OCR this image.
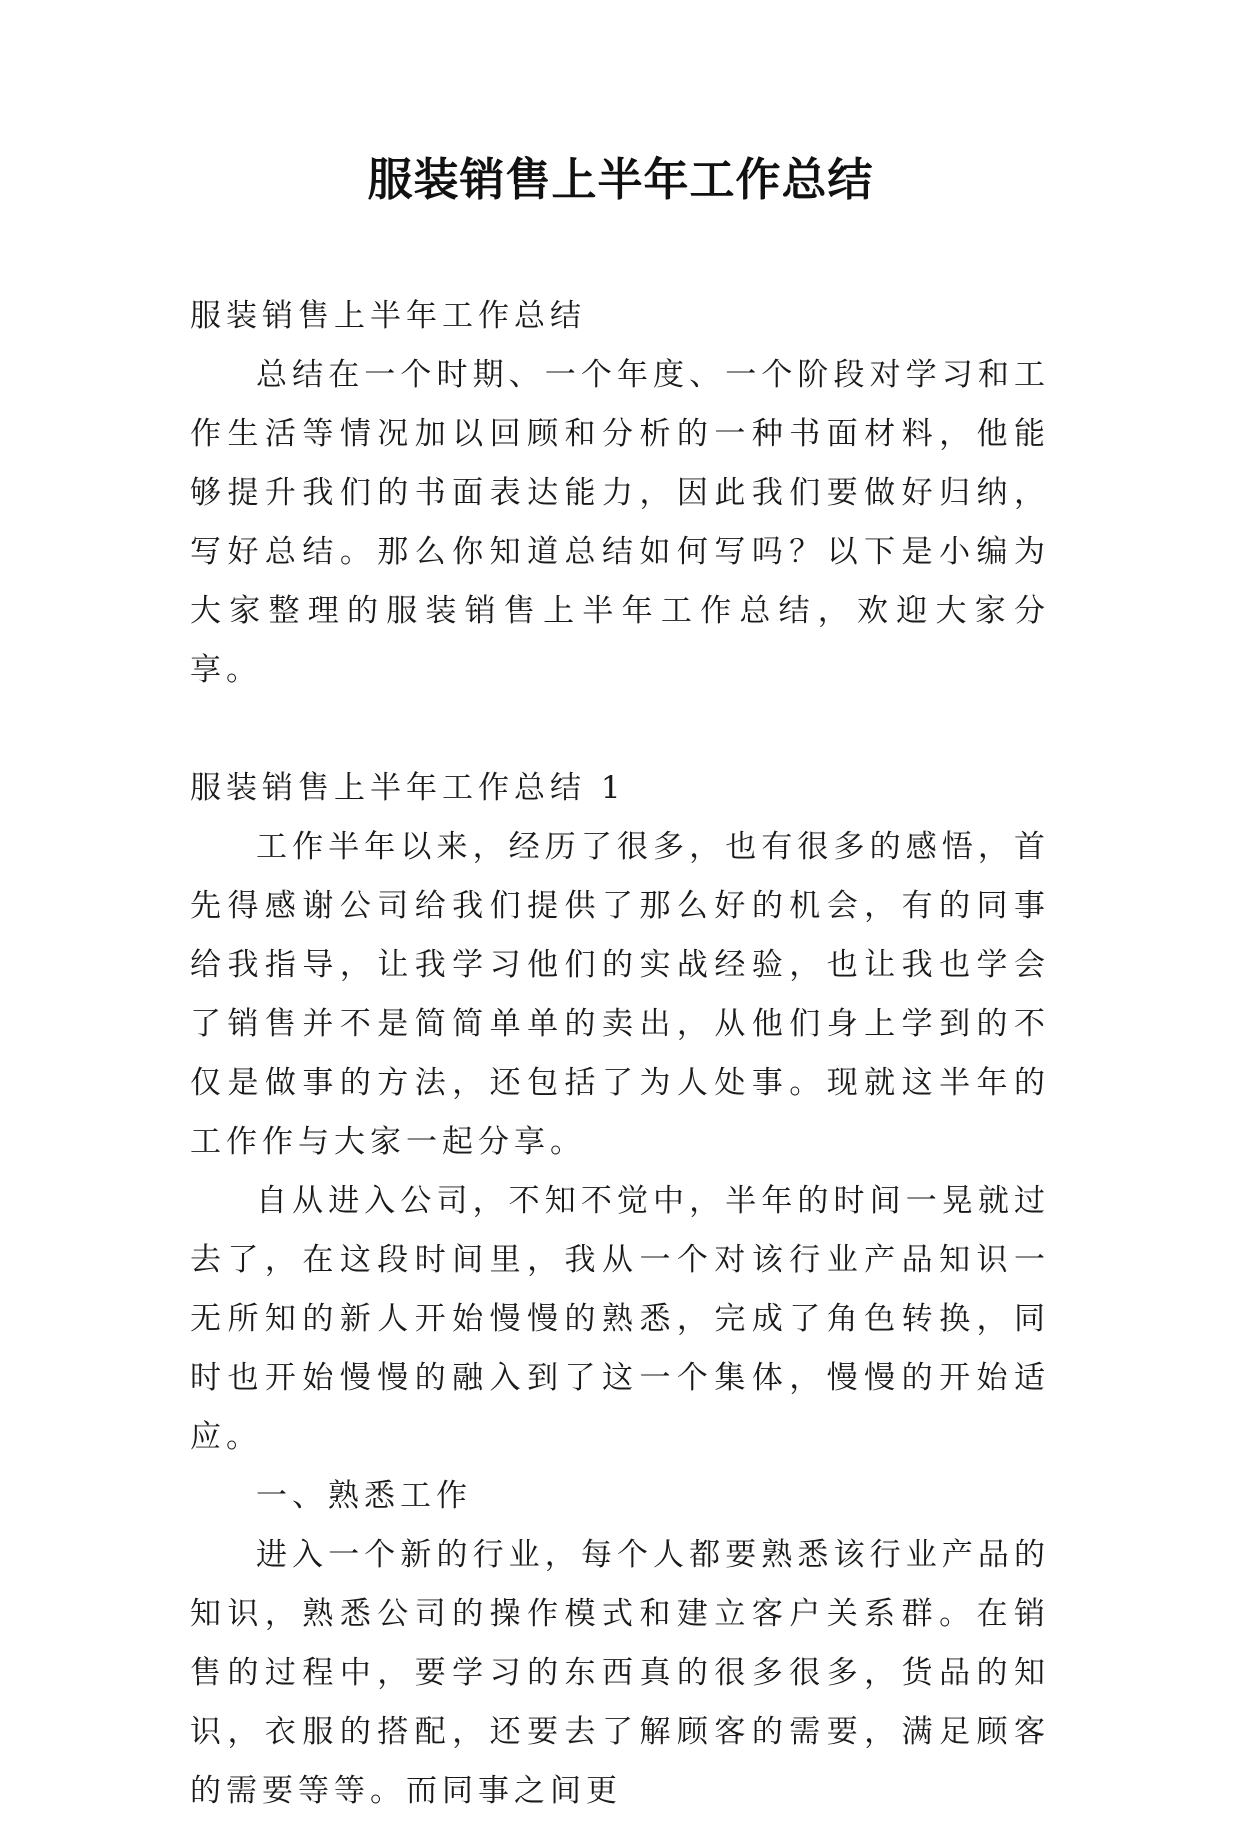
服装销售上半年工作总结

服装销售上半年工作总结

总结在一个时期、一个年度、一个阶段对学习和工作生活等情况加以回顾和分析的一种书面材料，他能够提升我们的书面表达能力，因此我们要做好归纳，写好总结。那么你知道总结如何写吗？以下是小编为大家整理的服装销售上半年工作总结，欢迎大家分享。

服装销售上半年工作总结 1

工作半年以来，经历了很多，也有很多的感悟，首先得感谢公司给我们提供了那么好的机会，有的同事给我指导，让我学习他们的实战经验，也让我也学会了销售并不是简简单单的卖出，从他们身上学到的不仅是做事的方法，还包括了为人处事。现就这半年的工作作与大家一起分享。

自从进入公司，不知不觉中，半年的时间一晃就过去了，在这段时间里，我从一个对该行业产品知识一无所知的新人开始慢慢的熟悉，完成了角色转换，同时也开始慢慢的融入到了这一个集体，慢慢的开始适应。

一、熟悉工作

进入一个新的行业，每个人都要熟悉该行业产品的知识，熟悉公司的操作模式和建立客户关系群。在销售的过程中，要学习的东西真的很多很多，货品的知识，衣服的搭配，还要去了解顾客的需要，满足顾客的需要等等。而同事之间更
